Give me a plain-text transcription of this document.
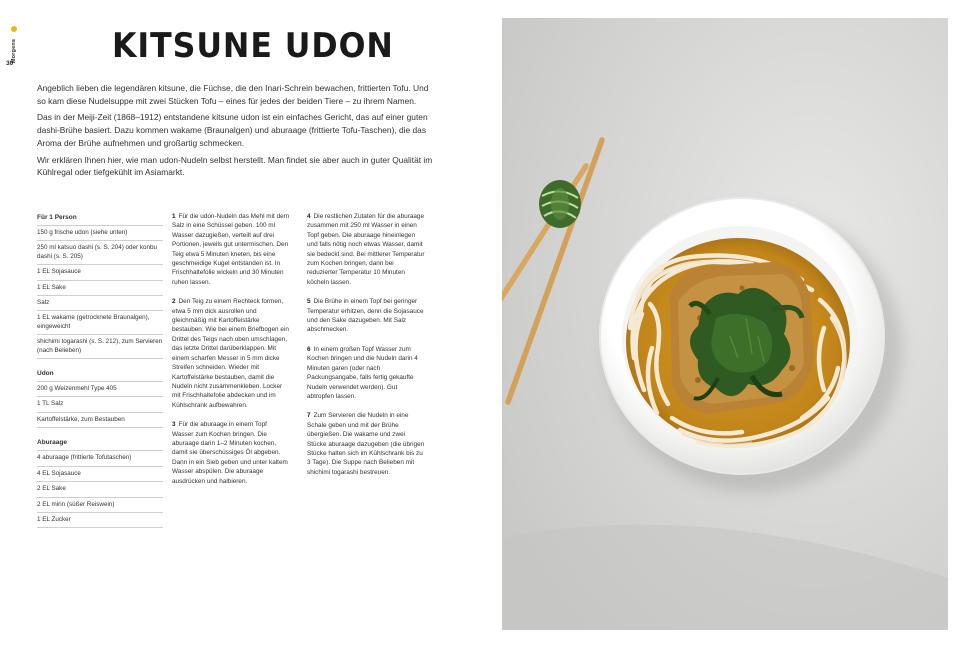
Morgens
30	KITSUNE UDON

Angeblich lieben die legendären kitsune, die Füchse, die den Inari-Schrein bewachen, frittierten Tofu. Und so kam diese Nudelsuppe mit zwei Stücken Tofu – eines für jedes der beiden Tiere – zu ihrem Namen.

Das in der Meiji-Zeit (1868–1912) entstandene kitsune udon ist ein einfaches Gericht, das auf einer guten dashi-Brühe basiert. Dazu kommen wakame (Braunalgen) und aburaage (frittierte Tofu-Taschen), die das Aroma der Brühe aufnehmen und großartig schmecken.

Wir erklären Ihnen hier, wie man udon-Nudeln selbst herstellt. Man findet sie aber auch in guter Qualität im Kühlregal oder tiefgekühlt im Asiamarkt.

Für 1 Person
150 g frische udon (siehe unten)
250 ml katsuo dashi (s. S. 204) oder konbu dashi (s. S. 205)
1 EL Sojasauce
1 EL Sake
Salz
1 EL wakame (getrocknete Braunalgen), eingeweicht
shichimi togarashi (s. S. 212), zum Servieren (nach Belieben)
Udon
200 g Weizenmehl Type 405
1 TL Salz
Kartoffelstärke, zum Bestauben
Aburaage
4 aburaage (frittierte Tofutaschen)
4 EL Sojasauce
2 EL Sake
2 EL mirin (süßer Reiswein)
1 EL Zucker
1 Für die udon-Nudeln das Mehl mit dem Salz in eine Schüssel geben. 100 ml Wasser dazugießen, verteilt auf drei Portionen, jeweils gut untermischen. Den Teig etwa 5 Minuten kneten, bis eine geschmeidige Kugel entstanden ist. In Frischhaltefolie wickeln und 30 Minuten ruhen lassen.
2 Den Teig zu einem Rechteck formen, etwa 5 mm dick ausrollen und gleichmäßig mit Kartoffelstärke bestauben. Wie bei einem Briefbogen ein Drittel des Teigs nach oben umschlagen, das letzte Drittel darüberklappen. Mit einem scharfen Messer in 5 mm dicke Streifen schneiden. Wieder mit Kartoffelstärke bestauben, damit die Nudeln nicht zusammenkleben. Locker mit Frischhaltefolie abdecken und im Kühlschrank aufbewahren.
3 Für die aburaage in einem Topf Wasser zum Kochen bringen. Die aburaage darin 1–2 Minuten kochen, damit sie überschüssiges Öl abgeben. Dann in ein Sieb geben und unter kaltem Wasser abspülen. Die aburaage ausdrücken und halbieren.
4 Die restlichen Zutaten für die aburaage zusammen mit 250 ml Wasser in einen Topf geben. Die aburaage hineinlegen und falls nötig noch etwas Wasser, damit sie bedeckt sind. Bei mittlerer Temperatur zum Kochen bringen, dann bei reduzierter Temperatur 10 Minuten köcheln lassen.
5 Die Brühe in einem Topf bei geringer Temperatur erhitzen, denn die Sojasauce und den Sake dazugeben. Mit Salz abschmecken.
6 In einem großen Topf Wasser zum Kochen bringen und die Nudeln darin 4 Minuten garen (oder nach Packungsangabe, falls fertig gekaufte Nudeln verwendet werden). Gut abtropfen lassen.
7 Zum Servieren die Nudeln in eine Schale geben und mit der Brühe übergießen. Die wakame und zwei Stücke aburaage dazugeben (die übrigen Stücke halten sich im Kühlschrank bis zu 3 Tage). Die Suppe nach Belieben mit shichimi togarashi bestreuen.
